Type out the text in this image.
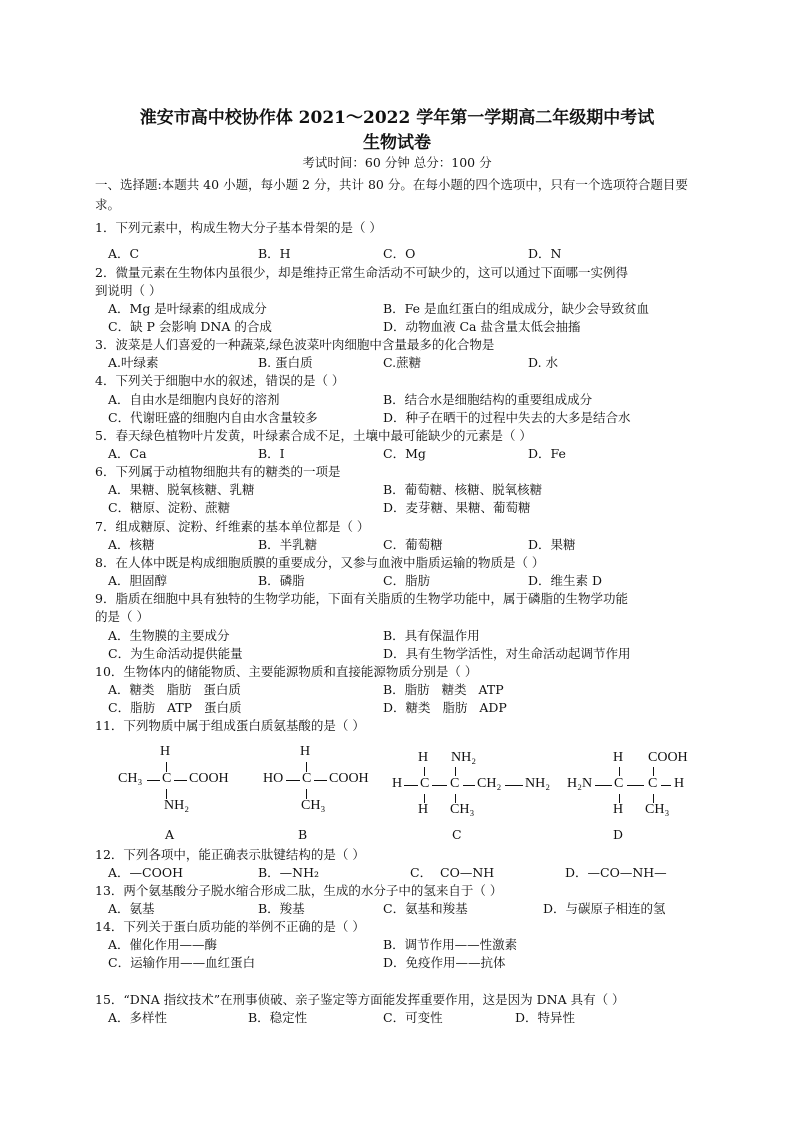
淮安市高中校协作体 2021～2022 学年第一学期高二年级期中考试
生物试卷
考试时间：60 分钟 总分：100 分
一、选择题:本题共 40 小题，每小题 2 分，共计 80 分。在每小题的四个选项中，只有一个选项符合题目要求。
1．下列元素中，构成生物大分子基本骨架的是（ ）
A．C	B．H	C．O	D．N
2．微量元素在生物体内虽很少，却是维持正常生命活动不可缺少的，这可以通过下面哪一实例得
到说明（ ）
A．Mg 是叶绿素的组成成分	B．Fe 是血红蛋白的组成成分，缺少会导致贫血
C．缺 P 会影响 DNA 的合成	D．动物血液 Ca 盐含量太低会抽搐
3．波菜是人们喜爱的一种蔬菜,绿色波菜叶肉细胞中含量最多的化合物是
A.叶绿素	B. 蛋白质	C.蔗糖	D. 水
4．下列关于细胞中水的叙述，错误的是（ ）
A．自由水是细胞内良好的溶剂	B．结合水是细胞结构的重要组成成分
C．代谢旺盛的细胞内自由水含量较多	D．种子在晒干的过程中失去的大多是结合水
5．春天绿色植物叶片发黄，叶绿素合成不足，土壤中最可能缺少的元素是（ ）
A．Ca	B．I	C．Mg	D．Fe
6．下列属于动植物细胞共有的糖类的一项是
A．果糖、脱氧核糖、乳糖	B．葡萄糖、核糖、脱氧核糖
C．糖原、淀粉、蔗糖	D．麦芽糖、果糖、葡萄糖
7．组成糖原、淀粉、纤维素的基本单位都是（ ）
A．核糖	B．半乳糖	C．葡萄糖	D．果糖
8．在人体中既是构成细胞质膜的重要成分，又参与血液中脂质运输的物质是（ ）
A．胆固醇	B．磷脂	C．脂肪	D．维生素 D
9．脂质在细胞中具有独特的生物学功能，下面有关脂质的生物学功能中，属于磷脂的生物学功能
的是（ ）
A．生物膜的主要成分	B．具有保温作用
C．为生命活动提供能量	D．具有生物学活性，对生命活动起调节作用
10．生物体内的储能物质、主要能源物质和直接能源物质分别是（ ）
A．糖类   脂肪   蛋白质	B．脂肪   糖类   ATP
C．脂肪   ATP   蛋白质	D．糖类   脂肪   ADP
11．下列物质中属于组成蛋白质氨基酸的是（ ）
H
CH₃ C COOH
NH₂
H
HO C COOH
CH₃
H
H C
H
NH₂
C
CH₃
CH₂ NH₂ H₂N
H
C
H
COOH
C H
CH₃
A	B	C	D
12．下列各项中，能正确表示肽键结构的是（ ）
A．—COOH	B．—NH₂	C．  CO—NH	D．—CO—NH—
13．两个氨基酸分子脱水缩合形成二肽，生成的水分子中的氢来自于（ ）
A．氨基	B．羧基	C．氨基和羧基	D．与碳原子相连的氢
14．下列关于蛋白质功能的举例不正确的是（ ）
A．催化作用——酶	B．调节作用——性激素
C．运输作用——血红蛋白	D．免疫作用——抗体
15．“DNA 指纹技术”在刑事侦破、亲子鉴定等方面能发挥重要作用，这是因为 DNA 具有（ ）
A．多样性	B．稳定性	C．可变性	D．特异性
